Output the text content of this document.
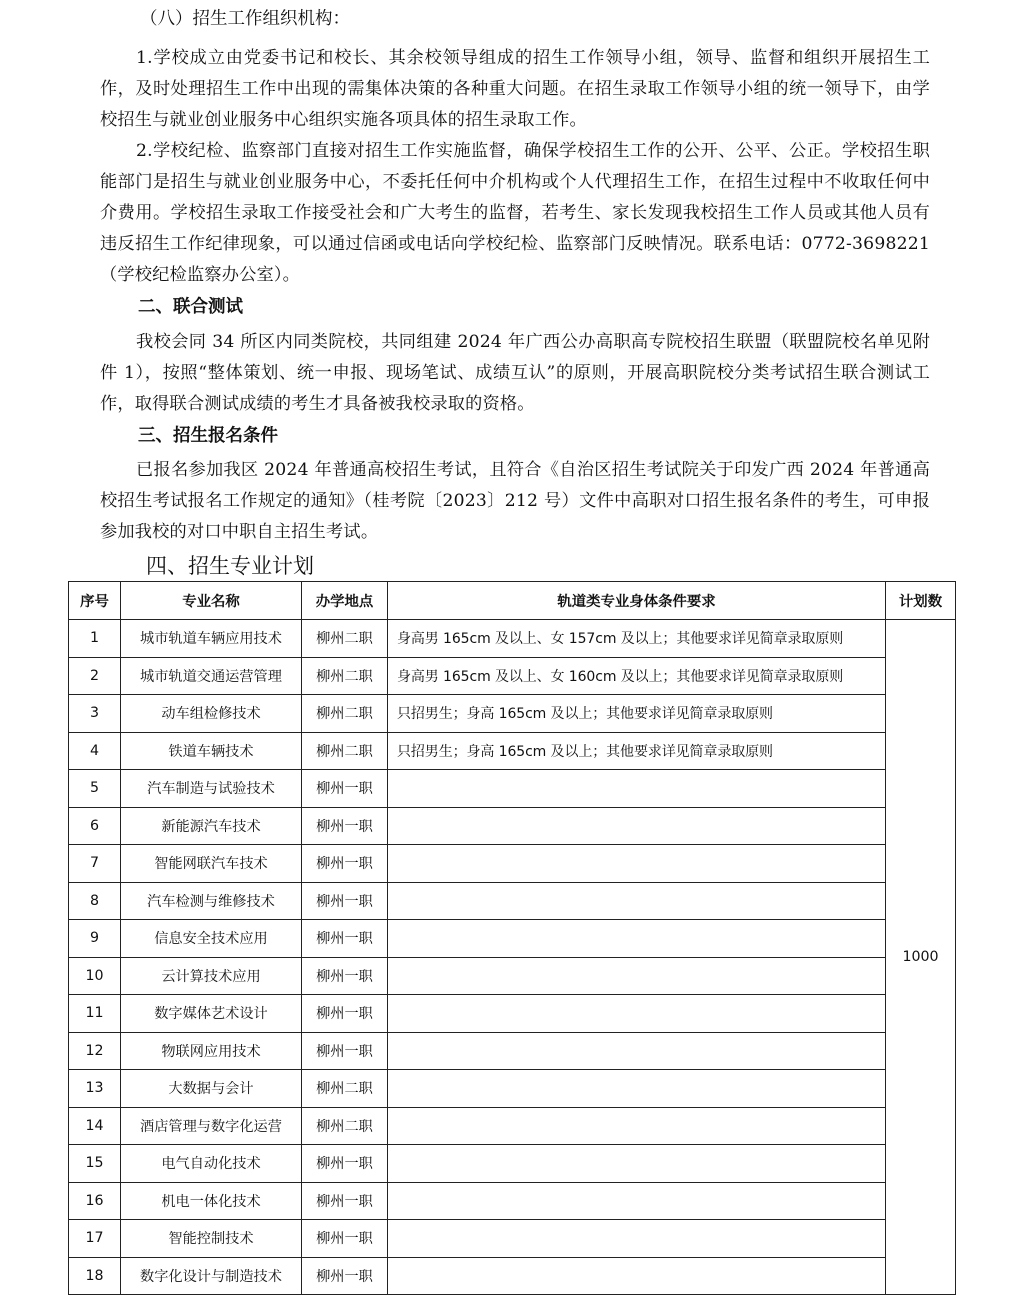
（八）招生工作组织机构：

1.学校成立由党委书记和校长、其余校领导组成的招生工作领导小组，领导、监督和组织开展招生工作，及时处理招生工作中出现的需集体决策的各种重大问题。在招生录取工作领导小组的统一领导下，由学校招生与就业创业服务中心组织实施各项具体的招生录取工作。

2.学校纪检、监察部门直接对招生工作实施监督，确保学校招生工作的公开、公平、公正。学校招生职能部门是招生与就业创业服务中心，不委托任何中介机构或个人代理招生工作，在招生过程中不收取任何中介费用。学校招生录取工作接受社会和广大考生的监督，若考生、家长发现我校招生工作人员或其他人员有违反招生工作纪律现象，可以通过信函或电话向学校纪检、监察部门反映情况。联系电话：0772-3698221（学校纪检监察办公室）。

二、联合测试

我校会同 34 所区内同类院校，共同组建 2024 年广西公办高职高专院校招生联盟（联盟院校名单见附件 1），按照“整体策划、统一申报、现场笔试、成绩互认”的原则，开展高职院校分类考试招生联合测试工作，取得联合测试成绩的考生才具备被我校录取的资格。

三、招生报名条件

已报名参加我区 2024 年普通高校招生考试，且符合《自治区招生考试院关于印发广西 2024 年普通高校招生考试报名工作规定的通知》（桂考院〔2023〕212 号）文件中高职对口招生报名条件的考生，可申报参加我校的对口中职自主招生考试。

四、招生专业计划

序号	专业名称	办学地点	轨道类专业身体条件要求	计划数
1	城市轨道车辆应用技术	柳州二职	身高男 165cm 及以上、女 157cm 及以上；其他要求详见简章录取原则	1000
2	城市轨道交通运营管理	柳州二职	身高男 165cm 及以上、女 160cm 及以上；其他要求详见简章录取原则	
3	动车组检修技术	柳州二职	只招男生；身高 165cm 及以上；其他要求详见简章录取原则	
4	铁道车辆技术	柳州二职	只招男生；身高 165cm 及以上；其他要求详见简章录取原则	
5	汽车制造与试验技术	柳州一职		
6	新能源汽车技术	柳州一职		
7	智能网联汽车技术	柳州一职		
8	汽车检测与维修技术	柳州一职		
9	信息安全技术应用	柳州一职		
10	云计算技术应用	柳州一职		
11	数字媒体艺术设计	柳州一职		
12	物联网应用技术	柳州一职		
13	大数据与会计	柳州二职		
14	酒店管理与数字化运营	柳州二职		
15	电气自动化技术	柳州一职		
16	机电一体化技术	柳州一职		
17	智能控制技术	柳州一职		
18	数字化设计与制造技术	柳州一职		
